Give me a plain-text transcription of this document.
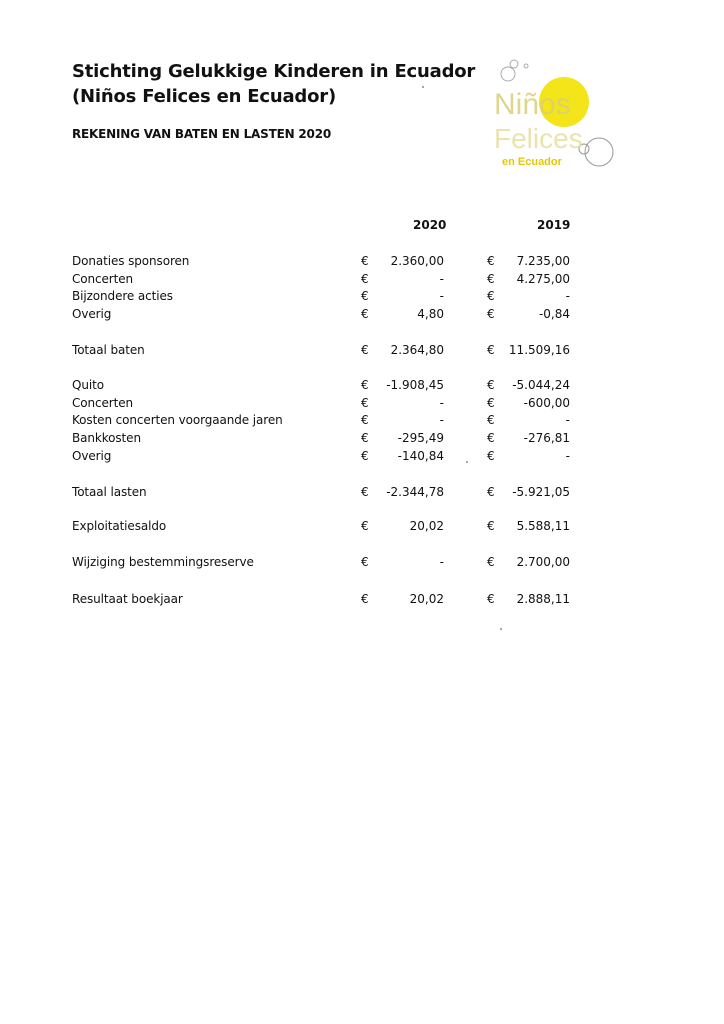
Stichting Gelukkige Kinderen in Ecuador
(Niños Felices en Ecuador)
REKENING VAN BATEN EN LASTEN 2020
Niños
Felices
en Ecuador
2020	2019
Donaties sponsoren	€	2.360,00	€	7.235,00
Concerten	€	-	€	4.275,00
Bijzondere acties	€	-	€	-
Overig	€	4,80	€	-0,84
Totaal baten	€	2.364,80	€	11.509,16
Quito	€	-1.908,45	€	-5.044,24
Concerten	€	-	€	-600,00
Kosten concerten voorgaande jaren	€	-	€	-
Bankkosten	€	-295,49	€	-276,81
Overig	€	-140,84	€	-
Totaal lasten	€	-2.344,78	€	-5.921,05
Exploitatiesaldo	€	20,02	€	5.588,11
Wijziging bestemmingsreserve	€	-	€	2.700,00
Resultaat boekjaar	€	20,02	€	2.888,11
